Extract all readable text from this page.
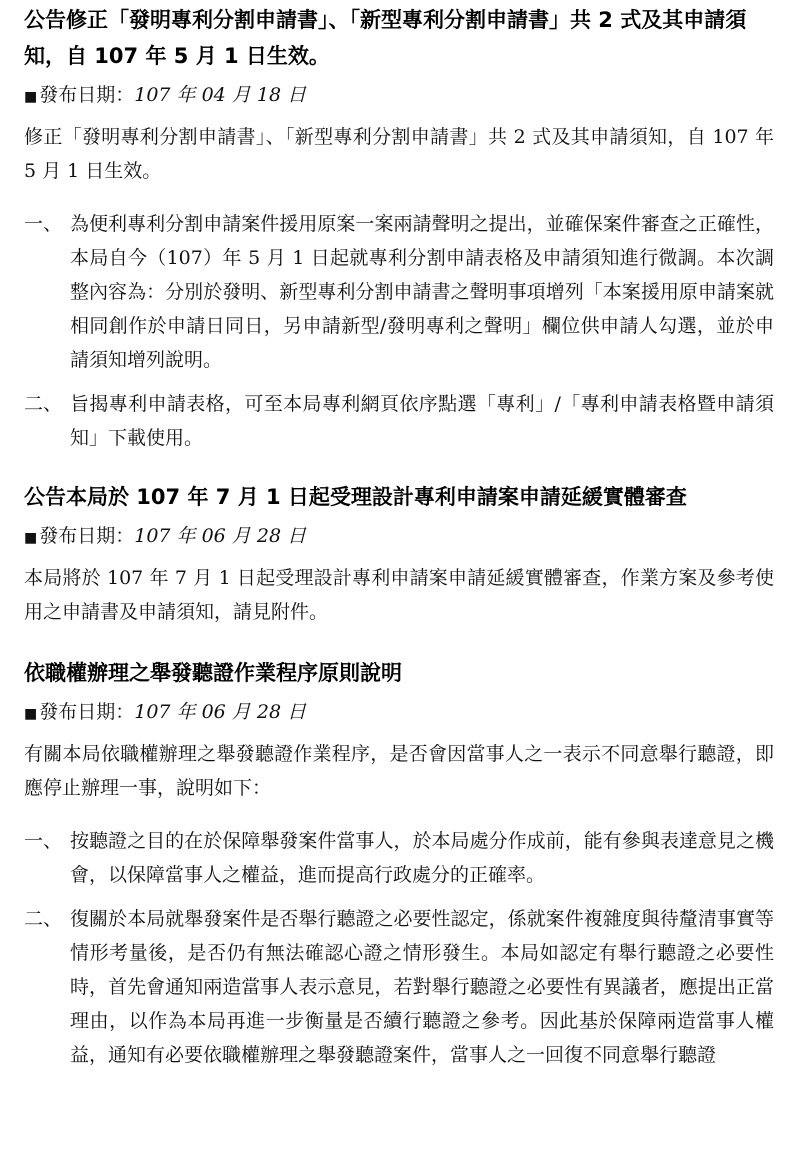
公告修正「發明專利分割申請書」、「新型專利分割申請書」共 2 式及其申請須知，自 107 年 5 月 1 日生效。
■ 發布日期：107 年 04 月 18 日

修正「發明專利分割申請書」、「新型專利分割申請書」共 2 式及其申請須知，自 107 年 5 月 1 日生效。

一、 為便利專利分割申請案件援用原案一案兩請聲明之提出，並確保案件審查之正確性，本局自今（107）年 5 月 1 日起就專利分割申請表格及申請須知進行微調。本次調整內容為：分別於發明、新型專利分割申請書之聲明事項增列「本案援用原申請案就相同創作於申請日同日，另申請新型/發明專利之聲明」欄位供申請人勾選，並於申請須知增列說明。
二、 旨揭專利申請表格，可至本局專利網頁依序點選「專利」/「專利申請表格暨申請須知」下載使用。
公告本局於 107 年 7 月 1 日起受理設計專利申請案申請延緩實體審查
■ 發布日期：107 年 06 月 28 日

本局將於 107 年 7 月 1 日起受理設計專利申請案申請延緩實體審查，作業方案及參考使用之申請書及申請須知，請見附件。

依職權辦理之舉發聽證作業程序原則說明
■ 發布日期：107 年 06 月 28 日

有關本局依職權辦理之舉發聽證作業程序，是否會因當事人之一表示不同意舉行聽證，即應停止辦理一事，說明如下：

一、 按聽證之目的在於保障舉發案件當事人，於本局處分作成前，能有參與表達意見之機會，以保障當事人之權益，進而提高行政處分的正確率。
二、 復關於本局就舉發案件是否舉行聽證之必要性認定，係就案件複雜度與待釐清事實等情形考量後，是否仍有無法確認心證之情形發生。本局如認定有舉行聽證之必要性時，首先會通知兩造當事人表示意見，若對舉行聽證之必要性有異議者，應提出正當理由，以作為本局再進一步衡量是否續行聽證之參考。因此基於保障兩造當事人權益，通知有必要依職權辦理之舉發聽證案件，當事人之一回復不同意舉行聽證
